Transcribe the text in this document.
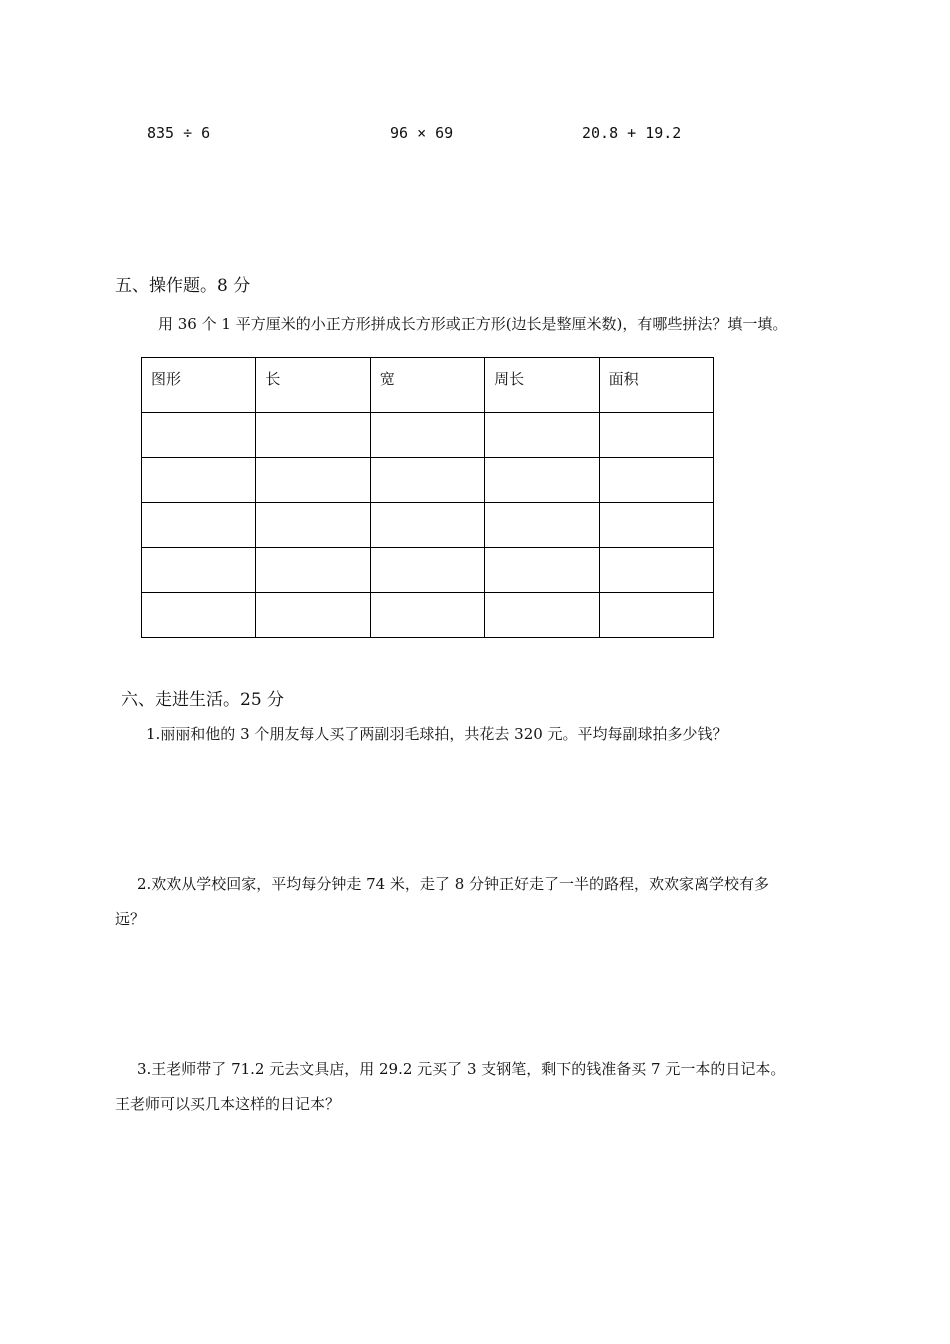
835 ÷ 6	96 × 69	20.8 + 19.2
五、操作题。8 分
用 36 个 1 平方厘米的小正方形拼成长方形或正方形(边长是整厘米数)，有哪些拼法？填一填。
图形	长	宽	周长	面积

六、走进生活。25 分
1.丽丽和他的 3 个朋友每人买了两副羽毛球拍，共花去 320 元。平均每副球拍多少钱？
2.欢欢从学校回家，平均每分钟走 74 米，走了 8 分钟正好走了一半的路程，欢欢家离学校有多
远？
3.王老师带了 71.2 元去文具店，用 29.2 元买了 3 支钢笔，剩下的钱准备买 7 元一本的日记本。
王老师可以买几本这样的日记本？
